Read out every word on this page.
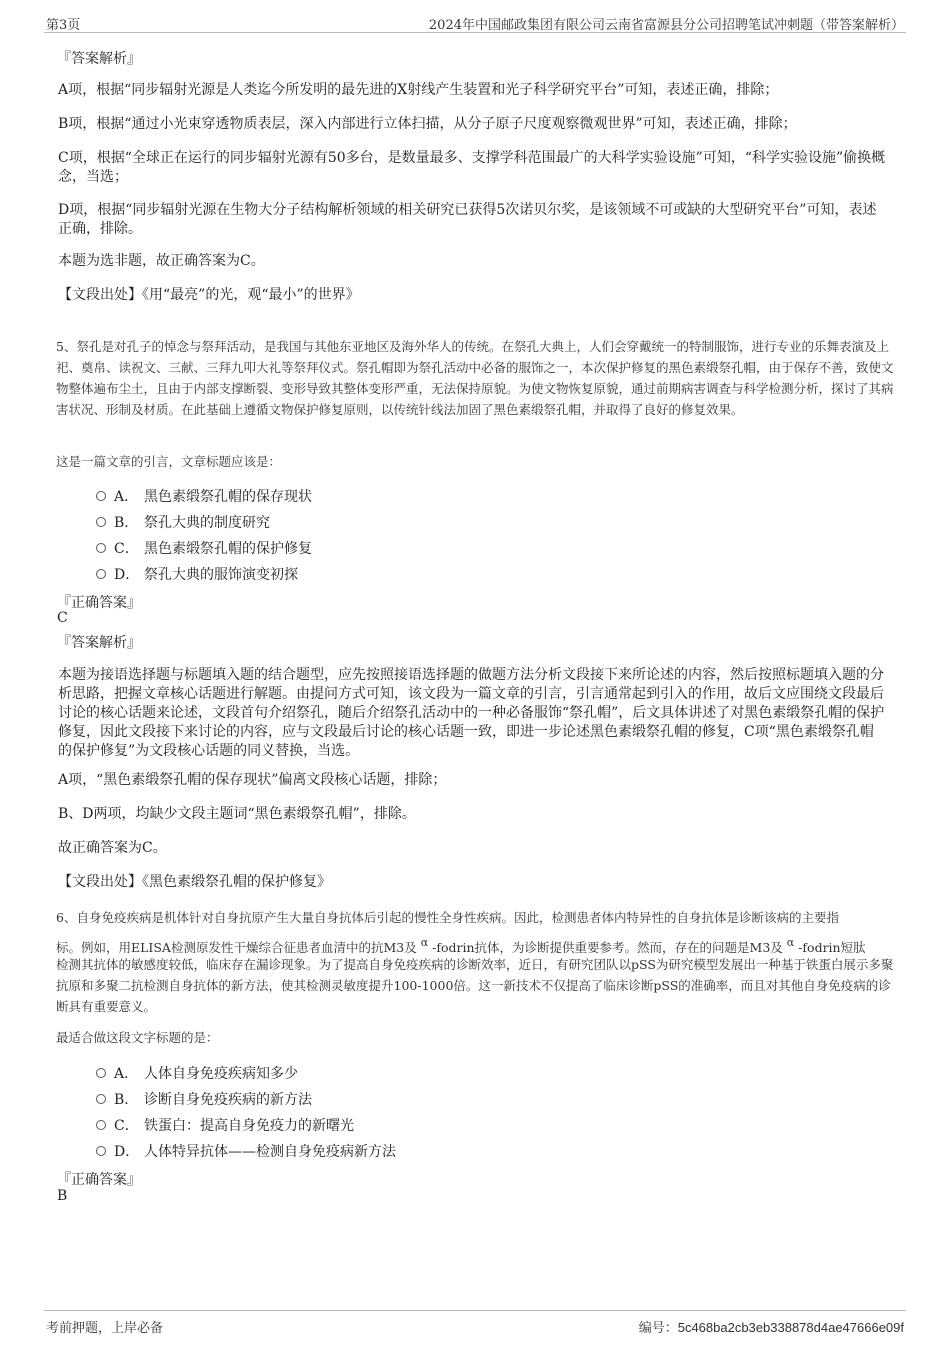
第3页	2024年中国邮政集团有限公司云南省富源县分公司招聘笔试冲刺题（带答案解析）
『答案解析』
A项，根据“同步辐射光源是人类迄今所发明的最先进的X射线产生装置和光子科学研究平台”可知，表述正确，排除；
B项，根据“通过小光束穿透物质表层，深入内部进行立体扫描，从分子原子尺度观察微观世界”可知，表述正确，排除；
C项，根据“全球正在运行的同步辐射光源有50多台，是数量最多、支撑学科范围最广的大科学实验设施”可知，“科学实验设施”偷换概念，当选；
D项，根据“同步辐射光源在生物大分子结构解析领域的相关研究已获得5次诺贝尔奖，是该领域不可或缺的大型研究平台”可知，表述正确，排除。
本题为选非题，故正确答案为C。
【文段出处】《用“最亮”的光，观“最小”的世界》
5、祭孔是对孔子的悼念与祭拜活动，是我国与其他东亚地区及海外华人的传统。在祭孔大典上，人们会穿戴统一的特制服饰，进行专业的乐舞表演及上祀、奠帛、读祝文、三献、三拜九叩大礼等祭拜仪式。祭孔帽即为祭孔活动中必备的服饰之一，本次保护修复的黑色素缎祭孔帽，由于保存不善，致使文物整体遍布尘土，且由于内部支撑断裂、变形导致其整体变形严重，无法保持原貌。为使文物恢复原貌，通过前期病害调查与科学检测分析，探讨了其病害状况、形制及材质。在此基础上遵循文物保护修复原则，以传统针线法加固了黑色素缎祭孔帽，并取得了良好的修复效果。
这是一篇文章的引言，文章标题应该是：
A． 黑色素缎祭孔帽的保存现状
B． 祭孔大典的制度研究
C． 黑色素缎祭孔帽的保护修复
D． 祭孔大典的服饰演变初探
『正确答案』
C
『答案解析』
本题为接语选择题与标题填入题的结合题型，应先按照接语选择题的做题方法分析文段接下来所论述的内容，然后按照标题填入题的分析思路，把握文章核心话题进行解题。由提问方式可知，该文段为一篇文章的引言，引言通常起到引入的作用，故后文应围绕文段最后讨论的核心话题来论述，文段首句介绍祭孔，随后介绍祭孔活动中的一种必备服饰“祭孔帽”，后文具体讲述了对黑色素缎祭孔帽的保护修复，因此文段接下来讨论的内容，应与文段最后讨论的核心话题一致，即进一步论述黑色素缎祭孔帽的修复，C项“黑色素缎祭孔帽的保护修复”为文段核心话题的同义替换，当选。
A项，“黑色素缎祭孔帽的保存现状”偏离文段核心话题，排除；
B、D两项，均缺少文段主题词“黑色素缎祭孔帽”，排除。
故正确答案为C。
【文段出处】《黑色素缎祭孔帽的保护修复》
6、自身免疫疾病是机体针对自身抗原产生大量自身抗体后引起的慢性全身性疾病。因此，检测患者体内特异性的自身抗体是诊断该病的主要指
标。例如，用ELISA检测原发性干燥综合征患者血清中的抗M3及 α -fodrin抗体，为诊断提供重要参考。然而，存在的问题是M3及 α -fodrin短肽
检测其抗体的敏感度较低，临床存在漏诊现象。为了提高自身免疫疾病的诊断效率，近日，有研究团队以pSS为研究模型发展出一种基于铁蛋白展示多聚抗原和多聚二抗检测自身抗体的新方法，使其检测灵敏度提升100-1000倍。这一新技术不仅提高了临床诊断pSS的准确率，而且对其他自身免疫病的诊断具有重要意义。
最适合做这段文字标题的是：
A． 人体自身免疫疾病知多少
B． 诊断自身免疫疾病的新方法
C． 铁蛋白：提高自身免疫力的新曙光
D． 人体特异抗体——检测自身免疫病新方法
『正确答案』
B
考前押题，上岸必备	编号：5c468ba2cb3eb338878d4ae47666e09f
